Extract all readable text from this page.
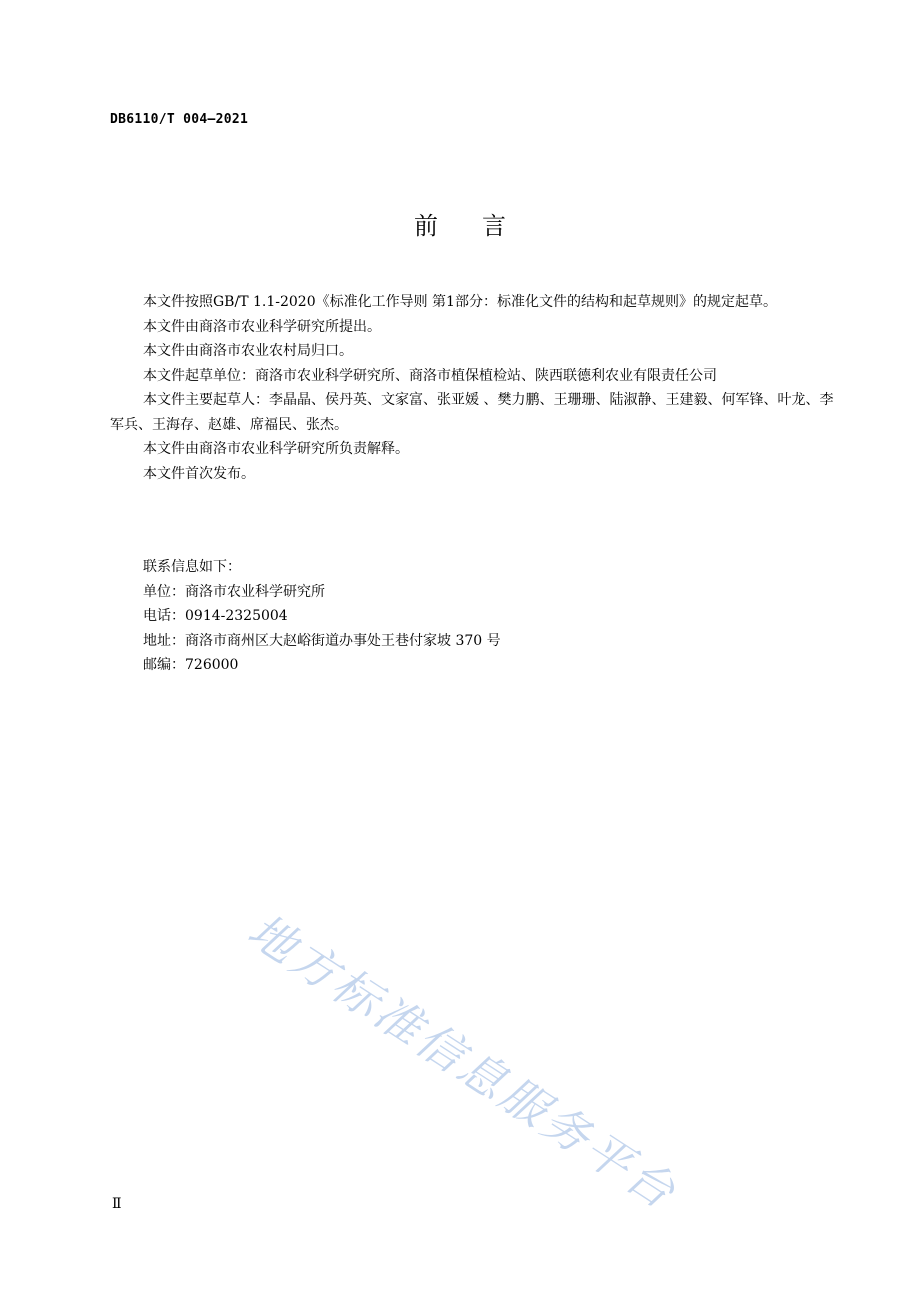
DB6110/T 004—2021
前言

本文件按照GB/T 1.1-2020《标准化工作导则 第1部分：标准化文件的结构和起草规则》的规定起草。

本文件由商洛市农业科学研究所提出。

本文件由商洛市农业农村局归口。

本文件起草单位：商洛市农业科学研究所、商洛市植保植检站、陕西联德利农业有限责任公司

本文件主要起草人：李晶晶、侯丹英、文家富、张亚媛 、樊力鹏、王珊珊、陆淑静、王建毅、何军锋、叶龙、李军兵、王海存、赵雄、席福民、张杰。

本文件由商洛市农业科学研究所负责解释。

本文件首次发布。

联系信息如下：
单位：商洛市农业科学研究所
电话：0914-2325004
地址：商洛市商州区大赵峪街道办事处王巷付家坡 370 号
邮编：726000
地方标准信息服务平台
Ⅱ
